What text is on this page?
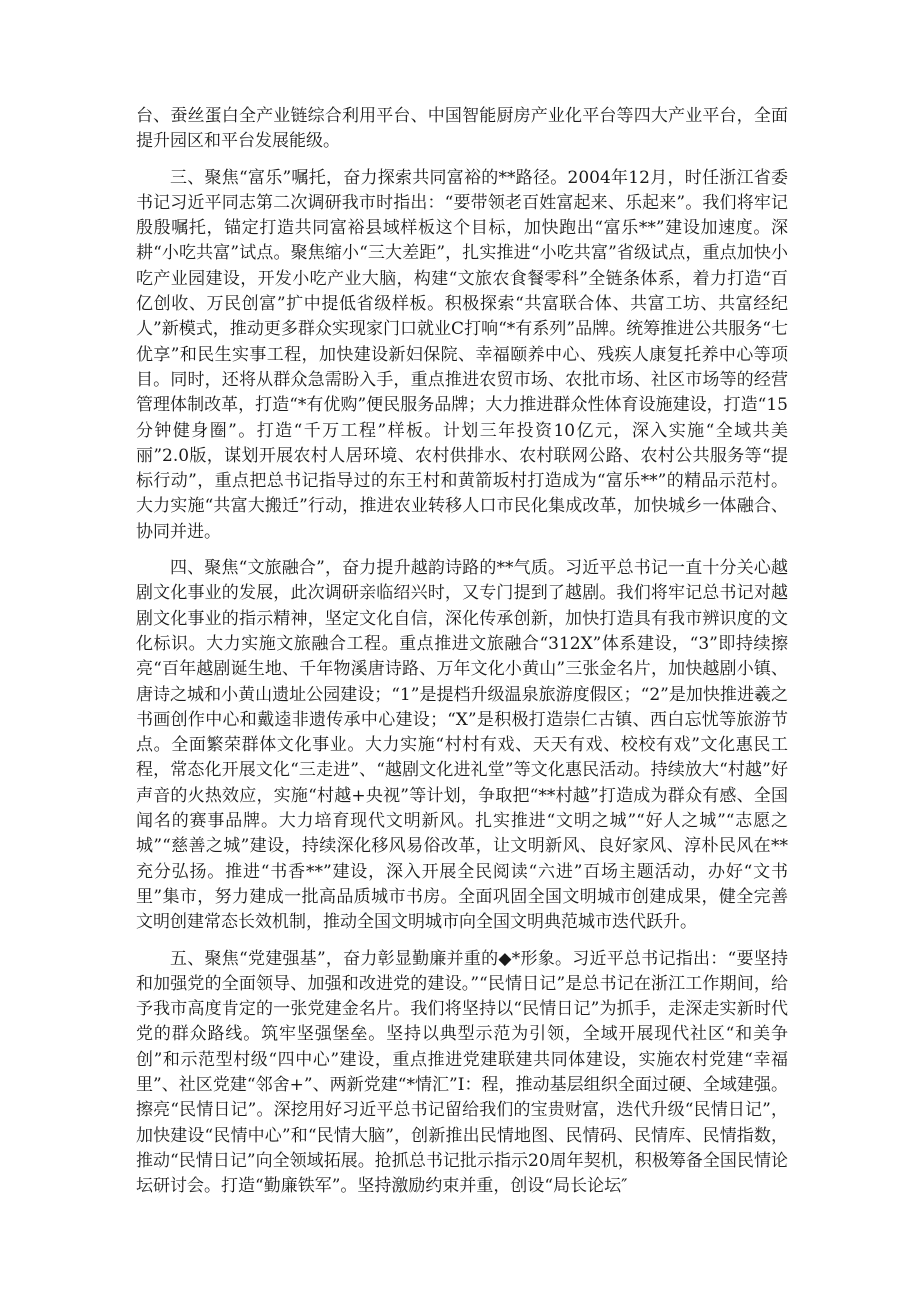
台、蚕丝蛋白全产业链综合利用平台、中国智能厨房产业化平台等四大产业平台，全面提升园区和平台发展能级。

三、聚焦“富乐”嘱托，奋力探索共同富裕的**路径。2004年12月，时任浙江省委书记习近平同志第二次调研我市时指出：“要带领老百姓富起来、乐起来”。我们将牢记殷殷嘱托，锚定打造共同富裕县域样板这个目标，加快跑出“富乐**”建设加速度。深耕“小吃共富”试点。聚焦缩小“三大差距”，扎实推进“小吃共富”省级试点，重点加快小吃产业园建设，开发小吃产业大脑，构建“文旅农食餐零科”全链条体系，着力打造“百亿创收、万民创富”扩中提低省级样板。积极探索“共富联合体、共富工坊、共富经纪人”新模式，推动更多群众实现家门口就业C打响“*有系列”品牌。统筹推进公共服务“七优享”和民生实事工程，加快建设新妇保院、幸福颐养中心、残疾人康复托养中心等项目。同时，还将从群众急需盼入手，重点推进农贸市场、农批市场、社区市场等的经营管理体制改革，打造“*有优购”便民服务品牌；大力推进群众性体育设施建设，打造“15分钟健身圈”。打造“千万工程”样板。计划三年投资10亿元，深入实施“全域共美丽”2.0版，谋划开展农村人居环境、农村供排水、农村联网公路、农村公共服务等“提标行动”，重点把总书记指导过的东王村和黄箭坂村打造成为“富乐**”的精品示范村。大力实施“共富大搬迁”行动，推进农业转移人口市民化集成改革，加快城乡一体融合、协同并进。

四、聚焦“文旅融合”，奋力提升越韵诗路的**气质。习近平总书记一直十分关心越剧文化事业的发展，此次调研亲临绍兴时，又专门提到了越剧。我们将牢记总书记对越剧文化事业的指示精神，坚定文化自信，深化传承创新，加快打造具有我市辨识度的文化标识。大力实施文旅融合工程。重点推进文旅融合“312X”体系建设，“3”即持续擦亮“百年越剧诞生地、千年物溪唐诗路、万年文化小黄山”三张金名片，加快越剧小镇、唐诗之城和小黄山遗址公园建设；“1”是提档升级温泉旅游度假区；“2”是加快推进羲之书画创作中心和戴逵非遗传承中心建设；“X”是积极打造崇仁古镇、西白忘忧等旅游节点。全面繁荣群体文化事业。大力实施“村村有戏、天天有戏、校校有戏”文化惠民工程，常态化开展文化“三走进”、“越剧文化进礼堂”等文化惠民活动。持续放大“村越”好声音的火热效应，实施“村越+央视”等计划，争取把“**村越”打造成为群众有感、全国闻名的赛事品牌。大力培育现代文明新风。扎实推进“文明之城”“好人之城”“志愿之城”“慈善之城”建设，持续深化移风易俗改革，让文明新风、良好家风、淳朴民风在**充分弘扬。推进“书香**”建设，深入开展全民阅读“六进”百场主题活动，办好“文书里”集市，努力建成一批高品质城市书房。全面巩固全国文明城市创建成果，健全完善文明创建常态长效机制，推动全国文明城市向全国文明典范城市迭代跃升。

五、聚焦“党建强基”，奋力彰显勤廉并重的◆*形象。习近平总书记指出：“要坚持和加强党的全面领导、加强和改进党的建设。”“民情日记”是总书记在浙江工作期间，给予我市高度肯定的一张党建金名片。我们将坚持以“民情日记”为抓手，走深走实新时代党的群众路线。筑牢坚强堡垒。坚持以典型示范为引领，全域开展现代社区“和美争创”和示范型村级“四中心”建设，重点推进党建联建共同体建设，实施农村党建“幸福里”、社区党建“邻舍+”、两新党建“*情汇”I：程，推动基层组织全面过硬、全域建强。擦亮“民情日记”。深挖用好习近平总书记留给我们的宝贵财富，迭代升级“民情日记”，加快建设“民情中心”和“民情大脑”，创新推出民情地图、民情码、民情库、民情指数，推动“民情日记”向全领域拓展。抢抓总书记批示指示20周年契机，积极筹备全国民情论坛研讨会。打造“勤廉铁军”。坚持激励约束并重，创设“局长论坛″
